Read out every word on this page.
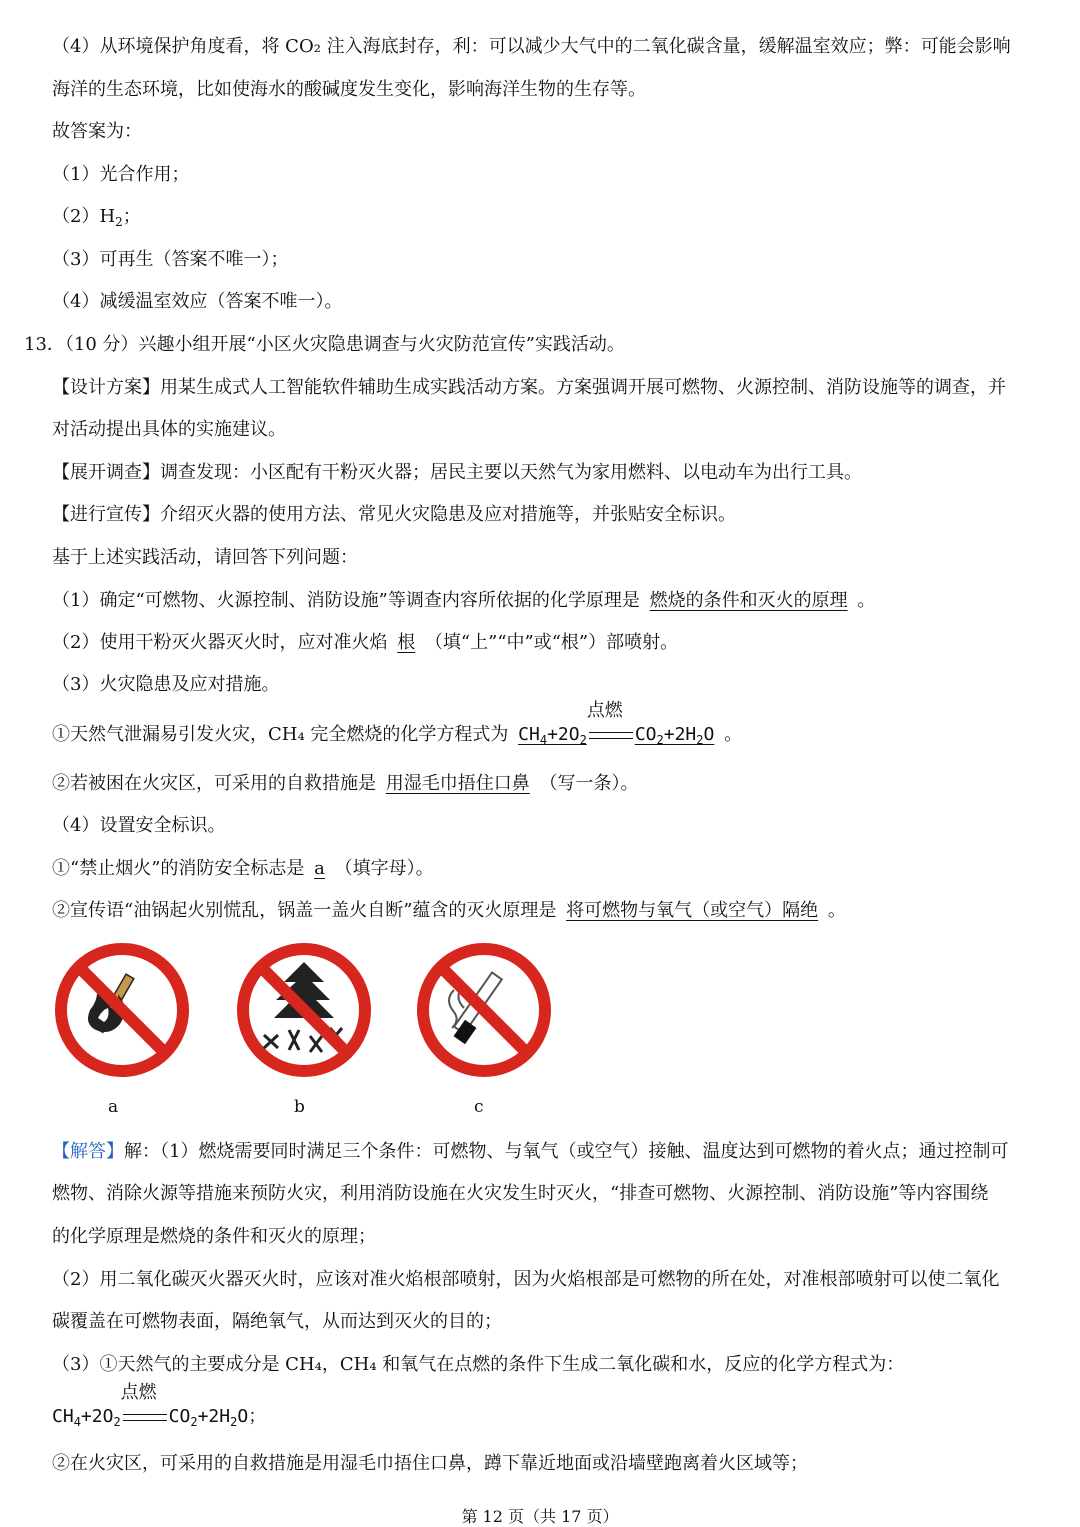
（4）从环境保护角度看，将 CO₂ 注入海底封存，利：可以减少大气中的二氧化碳含量，缓解温室效应；弊：可能会影响
海洋的生态环境，比如使海水的酸碱度发生变化，影响海洋生物的生存等。
故答案为：
（1）光合作用；
$(2)H_2$；
（3）可再生（答案不唯一）；
（4）减缓温室效应（答案不唯一）。
13．（10 分）兴趣小组开展“小区火灾隐患调查与火灾防范宣传”实践活动。
【设计方案】用某生成式人工智能软件辅助生成实践活动方案。方案强调开展可燃物、火源控制、消防设施等的调查，并
对活动提出具体的实施建议。
【展开调查】调查发现：小区配有干粉灭火器；居民主要以天然气为家用燃料、以电动车为出行工具。
【进行宣传】介绍灭火器的使用方法、常见火灾隐患及应对措施等，并张贴安全标识。
基于上述实践活动，请回答下列问题：
（1）确定“可燃物、火源控制、消防设施”等调查内容所依据的化学原理是 燃烧的条件和灭火的原理 。
（2）使用干粉灭火器灭火时，应对准火焰 根 （填“上”“中”或“根”）部喷射。
（3）火灾隐患及应对措施。
①天然气泄漏易引发火灾，CH₄ 完全燃烧的化学方程式为 $CH_4+2O_2$
点燃
$CO_2+2H_2O$ 。
②若被困在火灾区，可采用的自救措施是 用湿毛巾捂住口鼻 （写一条）。
（4）设置安全标识。
①“禁止烟火”的消防安全标志是 a （填字母）。
②宣传语“油锅起火别慌乱，锅盖一盖火自断”蕴含的灭火原理是 将可燃物与氧气（或空气）隔绝 。
a	b	c
【解答】解：（1）燃烧需要同时满足三个条件：可燃物、与氧气（或空气）接触、温度达到可燃物的着火点；通过控制可
燃物、消除火源等措施来预防火灾，利用消防设施在火灾发生时灭火，“排查可燃物、火源控制、消防设施”等内容围绕
的化学原理是燃烧的条件和灭火的原理；
（2）用二氧化碳灭火器灭火时，应该对准火焰根部喷射，因为火焰根部是可燃物的所在处，对准根部喷射可以使二氧化
碳覆盖在可燃物表面，隔绝氧气，从而达到灭火的目的；
（3）①天然气的主要成分是 CH₄，CH₄ 和氧气在点燃的条件下生成二氧化碳和水，反应的化学方程式为：
$CH_4+2O_2$
点燃
$CO_2+2H_2O$；
②在火灾区，可采用的自救措施是用湿毛巾捂住口鼻，蹲下靠近地面或沿墙壁跑离着火区域等；
第 12 页（共 17 页）
